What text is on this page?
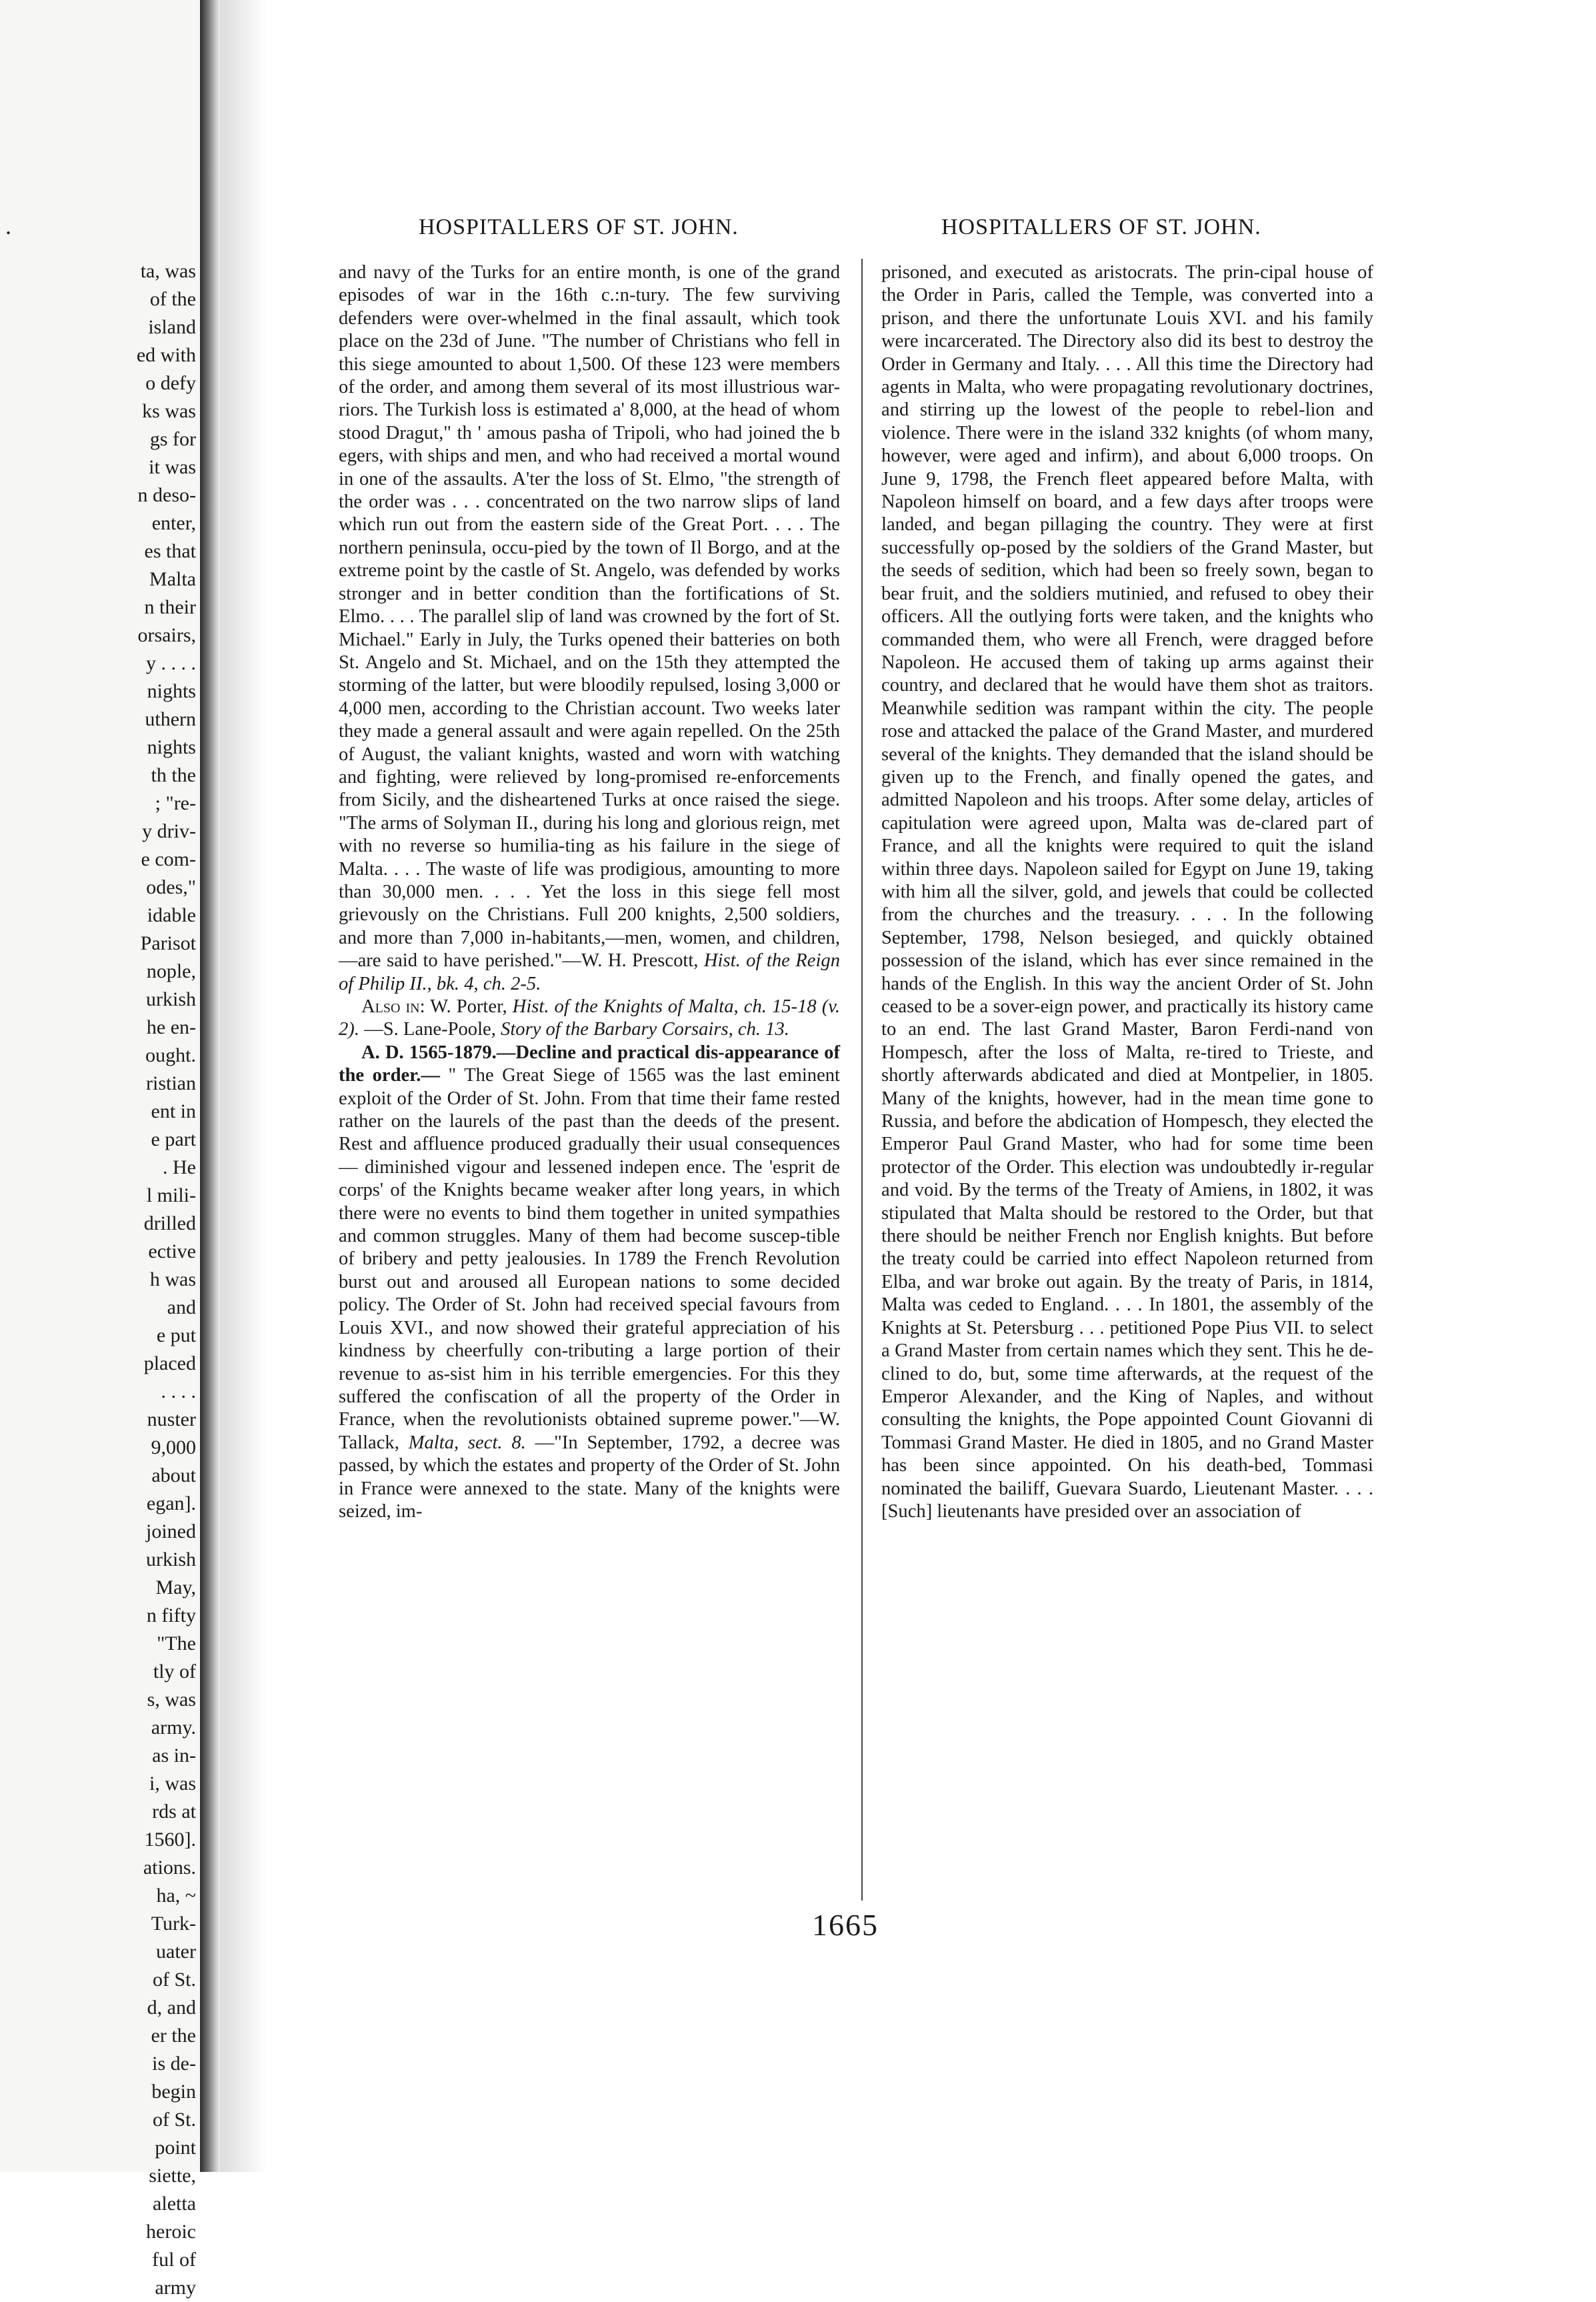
.
ta, was
of the
island
ed with
o defy
ks was
gs for
it was
n deso-
enter,
es that
Malta
n their
orsairs,
y . . . .
nights
uthern
nights
th the
; "re-
y driv-
e com-
odes,"
idable
Parisot
nople,
urkish
he en-
ought.
ristian
ent in
e part
. He
l mili-
drilled
ective
h was
and
e put
placed
. . . .
nuster
9,000
about
egan].
joined
urkish
May,
n fifty
"The
tly of
s, was
army.
as in-
i, was
rds at
1560].
ations.
ha, ~
Turk-
uater
of St.
d, and
er the
is de-
begin
of St.
point
siette,
aletta
heroic
ful of
army
HOSPITALLERS OF ST. JOHN.	HOSPITALLERS OF ST. JOHN.

and navy of the Turks for an entire month, is one of the grand episodes of war in the 16th c.:n-tury. The few surviving defenders were over-whelmed in the final assault, which took place on the 23d of June. "The number of Christians who fell in this siege amounted to about 1,500. Of these 123 were members of the order, and among them several of its most illustrious war-riors. The Turkish loss is estimated a' 8,000, at the head of whom stood Dragut," th ' amous pasha of Tripoli, who had joined the b egers, with ships and men, and who had received a mortal wound in one of the assaults. A'ter the loss of St. Elmo, "the strength of the order was . . . concentrated on the two narrow slips of land which run out from the eastern side of the Great Port. . . . The northern peninsula, occu-pied by the town of Il Borgo, and at the extreme point by the castle of St. Angelo, was defended by works stronger and in better condition than the fortifications of St. Elmo. . . . The parallel slip of land was crowned by the fort of St. Michael." Early in July, the Turks opened their batteries on both St. Angelo and St. Michael, and on the 15th they attempted the storming of the latter, but were bloodily repulsed, losing 3,000 or 4,000 men, according to the Christian account. Two weeks later they made a general assault and were again repelled. On the 25th of August, the valiant knights, wasted and worn with watching and fighting, were relieved by long-promised re-enforcements from Sicily, and the disheartened Turks at once raised the siege. "The arms of Solyman II., during his long and glorious reign, met with no reverse so humilia-ting as his failure in the siege of Malta. . . . The waste of life was prodigious, amounting to more than 30,000 men. . . . Yet the loss in this siege fell most grievously on the Christians. Full 200 knights, 2,500 soldiers, and more than 7,000 in-habitants,—men, women, and children,—are said to have perished."—W. H. Prescott, Hist. of the Reign of Philip II., bk. 4, ch. 2-5.

Also in: W. Porter, Hist. of the Knights of Malta, ch. 15-18 (v. 2). —S. Lane-Poole, Story of the Barbary Corsairs, ch. 13.

A. D. 1565-1879.—Decline and practical dis-appearance of the order.— " The Great Siege of 1565 was the last eminent exploit of the Order of St. John. From that time their fame rested rather on the laurels of the past than the deeds of the present. Rest and affluence produced gradually their usual consequences — diminished vigour and lessened indepen ence. The 'esprit de corps' of the Knights became weaker after long years, in which there were no events to bind them together in united sympathies and common struggles. Many of them had become suscep-tible of bribery and petty jealousies. In 1789 the French Revolution burst out and aroused all European nations to some decided policy. The Order of St. John had received special favours from Louis XVI., and now showed their grateful appreciation of his kindness by cheerfully con-tributing a large portion of their revenue to as-sist him in his terrible emergencies. For this they suffered the confiscation of all the property of the Order in France, when the revolutionists obtained supreme power."—W. Tallack, Malta, sect. 8. —"In September, 1792, a decree was passed, by which the estates and property of the Order of St. John in France were annexed to the state. Many of the knights were seized, im-

prisoned, and executed as aristocrats. The prin-cipal house of the Order in Paris, called the Temple, was converted into a prison, and there the unfortunate Louis XVI. and his family were incarcerated. The Directory also did its best to destroy the Order in Germany and Italy. . . . All this time the Directory had agents in Malta, who were propagating revolutionary doctrines, and stirring up the lowest of the people to rebel-lion and violence. There were in the island 332 knights (of whom many, however, were aged and infirm), and about 6,000 troops. On June 9, 1798, the French fleet appeared before Malta, with Napoleon himself on board, and a few days after troops were landed, and began pillaging the country. They were at first successfully op-posed by the soldiers of the Grand Master, but the seeds of sedition, which had been so freely sown, began to bear fruit, and the soldiers mutinied, and refused to obey their officers. All the outlying forts were taken, and the knights who commanded them, who were all French, were dragged before Napoleon. He accused them of taking up arms against their country, and declared that he would have them shot as traitors. Meanwhile sedition was rampant within the city. The people rose and attacked the palace of the Grand Master, and murdered several of the knights. They demanded that the island should be given up to the French, and finally opened the gates, and admitted Napoleon and his troops. After some delay, articles of capitulation were agreed upon, Malta was de-clared part of France, and all the knights were required to quit the island within three days. Napoleon sailed for Egypt on June 19, taking with him all the silver, gold, and jewels that could be collected from the churches and the treasury. . . . In the following September, 1798, Nelson besieged, and quickly obtained possession of the island, which has ever since remained in the hands of the English. In this way the ancient Order of St. John ceased to be a sover-eign power, and practically its history came to an end. The last Grand Master, Baron Ferdi-nand von Hompesch, after the loss of Malta, re-tired to Trieste, and shortly afterwards abdicated and died at Montpelier, in 1805. Many of the knights, however, had in the mean time gone to Russia, and before the abdication of Hompesch, they elected the Emperor Paul Grand Master, who had for some time been protector of the Order. This election was undoubtedly ir-regular and void. By the terms of the Treaty of Amiens, in 1802, it was stipulated that Malta should be restored to the Order, but that there should be neither French nor English knights. But before the treaty could be carried into effect Napoleon returned from Elba, and war broke out again. By the treaty of Paris, in 1814, Malta was ceded to England. . . . In 1801, the assembly of the Knights at St. Petersburg . . . petitioned Pope Pius VII. to select a Grand Master from certain names which they sent. This he de-clined to do, but, some time afterwards, at the request of the Emperor Alexander, and the King of Naples, and without consulting the knights, the Pope appointed Count Giovanni di Tommasi Grand Master. He died in 1805, and no Grand Master has been since appointed. On his death-bed, Tommasi nominated the bailiff, Guevara Suardo, Lieutenant Master. . . . [Such] lieutenants have presided over an association of

1665
